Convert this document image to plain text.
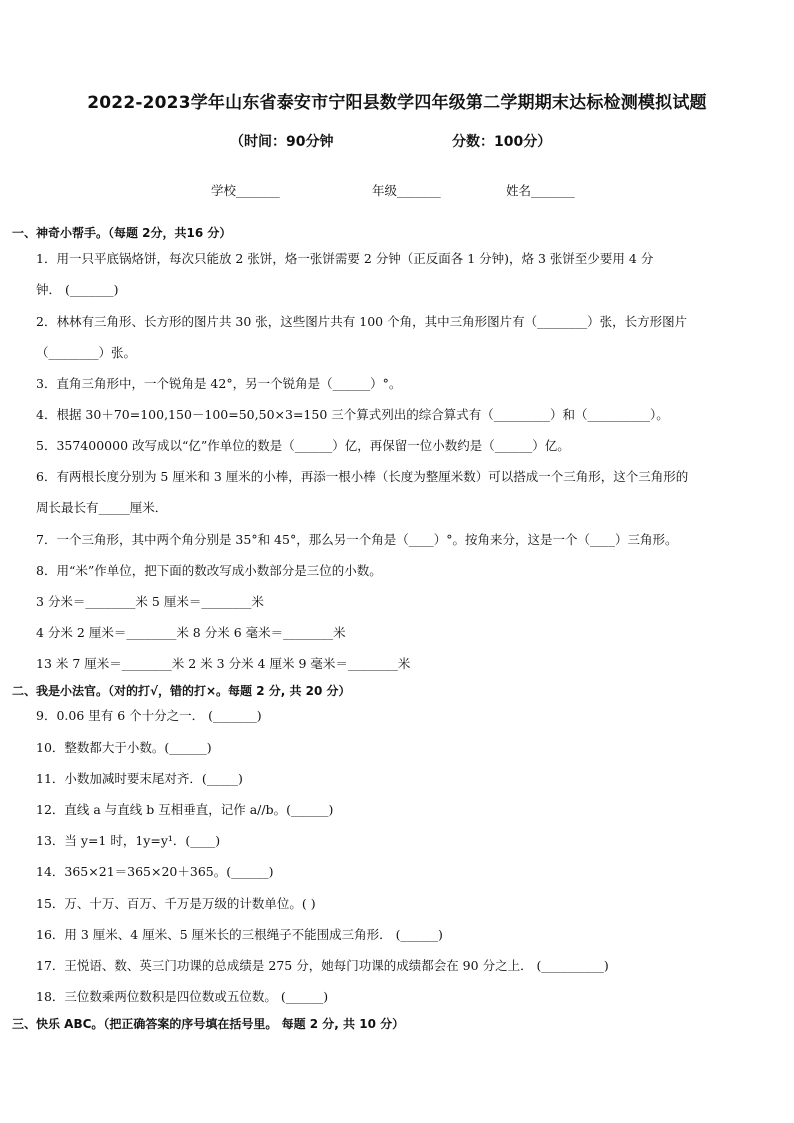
2022-2023学年山东省泰安市宁阳县数学四年级第二学期期末达标检测模拟试题
（时间：90分钟	分数：100分）
学校_______	年级_______	姓名_______
一、神奇小帮手。（每题 2分，共16 分）
1．用一只平底锅烙饼，每次只能放 2 张饼，烙一张饼需要 2 分钟（正反面各 1 分钟)，烙 3 张饼至少要用 4 分
钟． (_______)
2．林林有三角形、长方形的图片共 30 张，这些图片共有 100 个角，其中三角形图片有（________）张，长方形图片
（________）张。
3．直角三角形中，一个锐角是 42°，另一个锐角是（______）°。
4．根据 30＋70=100,150－100=50,50×3=150 三个算式列出的综合算式有（_________）和（__________）。
5．357400000 改写成以“亿”作单位的数是（______）亿，再保留一位小数约是（______）亿。
6．有两根长度分别为 5 厘米和 3 厘米的小棒，再添一根小棒（长度为整厘米数）可以搭成一个三角形，这个三角形的
周长最长有_____厘米．
7．一个三角形，其中两个角分别是 35°和 45°，那么另一个角是（____）°。按角来分，这是一个（____）三角形。
8．用“米”作单位，把下面的数改写成小数部分是三位的小数。
3 分米＝________米 5 厘米＝________米
4 分米 2 厘米＝________米 8 分米 6 毫米＝________米
13 米 7 厘米＝________米 2 米 3 分米 4 厘米 9 毫米＝________米
二、我是小法官。（对的打√，错的打×。每题 2 分, 共 20 分）
9．0.06 里有 6 个十分之一． (_______)
10．整数都大于小数。(______)
11．小数加减时要末尾对齐．(_____)
12．直线 a 与直线 b 互相垂直，记作 a//b。(______)
13．当 y=1 时，1y=y¹．(____)
14．365×21＝365×20＋365。(______)
15．万、十万、百万、千万是万级的计数单位。( )
16．用 3 厘米、4 厘米、5 厘米长的三根绳子不能围成三角形． (______)
17．王悦语、数、英三门功课的总成绩是 275 分，她每门功课的成绩都会在 90 分之上． (__________)
18．三位数乘两位数积是四位数或五位数。 (______)
三、快乐 ABC。（把正确答案的序号填在括号里。 每题 2 分, 共 10 分）
